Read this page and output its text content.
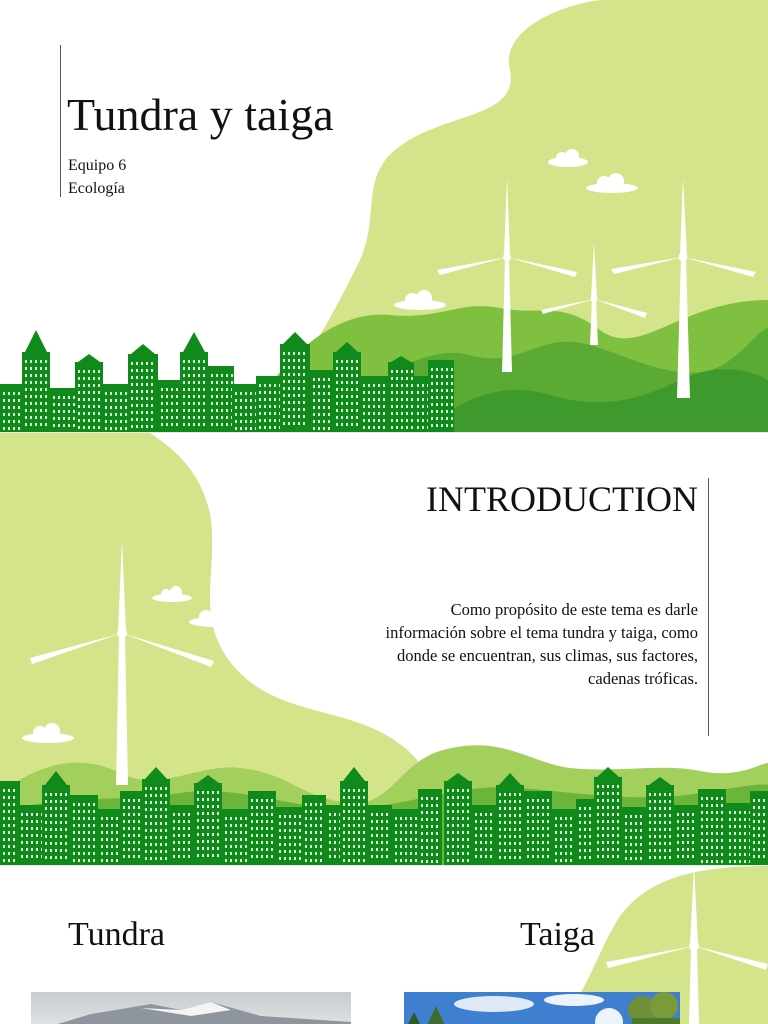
Tundra y taiga
Equipo 6
Ecología
INTRODUCTION
Como propósito de este tema es darle información sobre el tema tundra y taiga, como donde se encuentran, sus climas, sus factores, cadenas tróficas.
Tundra	Taiga
